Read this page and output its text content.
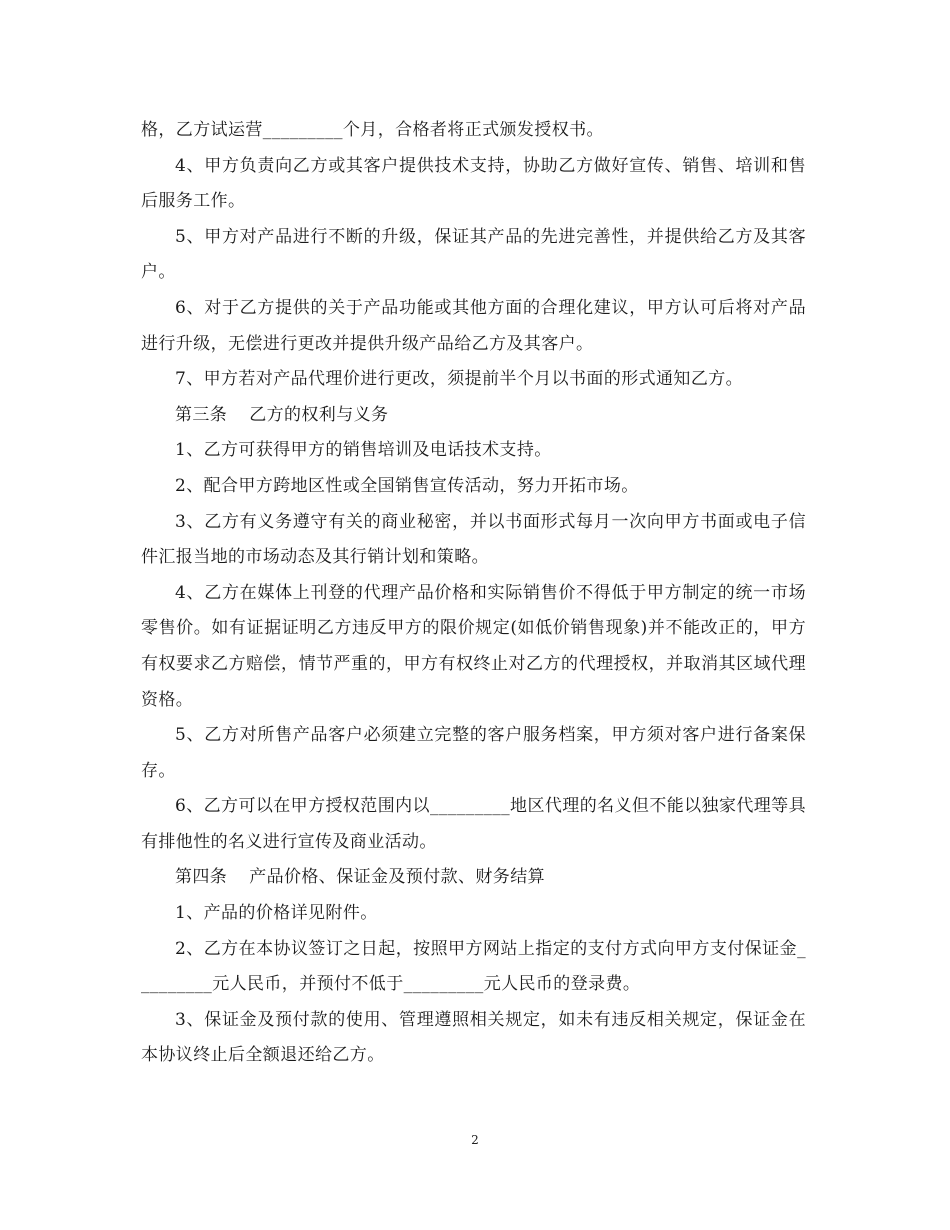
格，乙方试运营_________个月，合格者将正式颁发授权书。

4、甲方负责向乙方或其客户提供技术支持，协助乙方做好宣传、销售、培训和售后服务工作。

5、甲方对产品进行不断的升级，保证其产品的先进完善性，并提供给乙方及其客户。

6、对于乙方提供的关于产品功能或其他方面的合理化建议，甲方认可后将对产品进行升级，无偿进行更改并提供升级产品给乙方及其客户。

7、甲方若对产品代理价进行更改，须提前半个月以书面的形式通知乙方。

第三条 乙方的权利与义务

1、乙方可获得甲方的销售培训及电话技术支持。

2、配合甲方跨地区性或全国销售宣传活动，努力开拓市场。

3、乙方有义务遵守有关的商业秘密，并以书面形式每月一次向甲方书面或电子信件汇报当地的市场动态及其行销计划和策略。

4、乙方在媒体上刊登的代理产品价格和实际销售价不得低于甲方制定的统一市场零售价。如有证据证明乙方违反甲方的限价规定(如低价销售现象)并不能改正的，甲方有权要求乙方赔偿，情节严重的，甲方有权终止对乙方的代理授权，并取消其区域代理资格。

5、乙方对所售产品客户必须建立完整的客户服务档案，甲方须对客户进行备案保存。

6、乙方可以在甲方授权范围内以_________地区代理的名义但不能以独家代理等具有排他性的名义进行宣传及商业活动。

第四条 产品价格、保证金及预付款、财务结算

1、产品的价格详见附件。

2、乙方在本协议签订之日起，按照甲方网站上指定的支付方式向甲方支付保证金_________元人民币，并预付不低于_________元人民币的登录费。

3、保证金及预付款的使用、管理遵照相关规定，如未有违反相关规定，保证金在本协议终止后全额退还给乙方。

2
